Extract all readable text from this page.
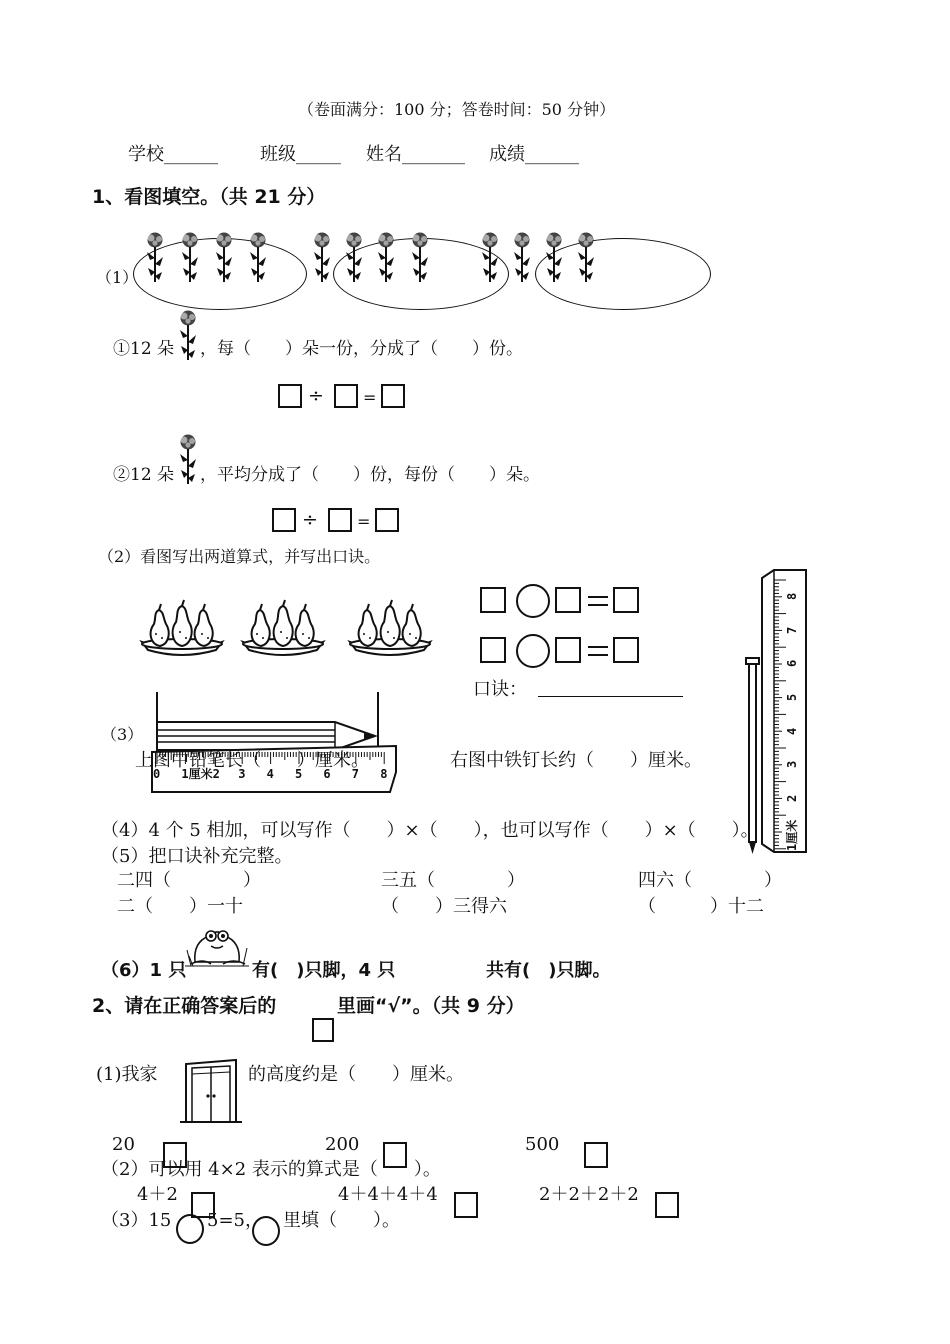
（卷面满分：100 分；答卷时间：50 分钟）
学校______ 班级_____ 姓名_______ 成绩______
1、看图填空。（共 21 分）
（1）
①12 朵 ，每（　　）朵一份，分成了（　　）份。
÷ =
②12 朵 ，平均分成了（　　）份，每份（　　）朵。
÷ =
（2）看图写出两道算式，并写出口诀。
口诀：
8
7
6
5
4
3
2
1厘米
（3）
0 1厘米2 3 4 5 6 7 8
上图中铅笔长（　　）厘米。	右图中铁钉长约（　　）厘米。
（4）4 个 5 相加，可以写作（　　）×（　　），也可以写作（　　）×（　　）。
（5）把口诀补充完整。
二四（　　　　）	三五（　　　　）	四六（　　　　）
二（　　）一十	（　　）三得六	（　　　）十二
（6）1 只	有(　)只脚，4 只	共有(　)只脚。
2、请在正确答案后的	里画“√”。（共 9 分）
(1)我家	的高度约是（　　）厘米。
20	200	500
（2）可以用 4×2 表示的算式是（　　）。
4＋2	4＋4＋4＋4	2＋2＋2＋2
（3）15 5=5， 里填（　　）。
